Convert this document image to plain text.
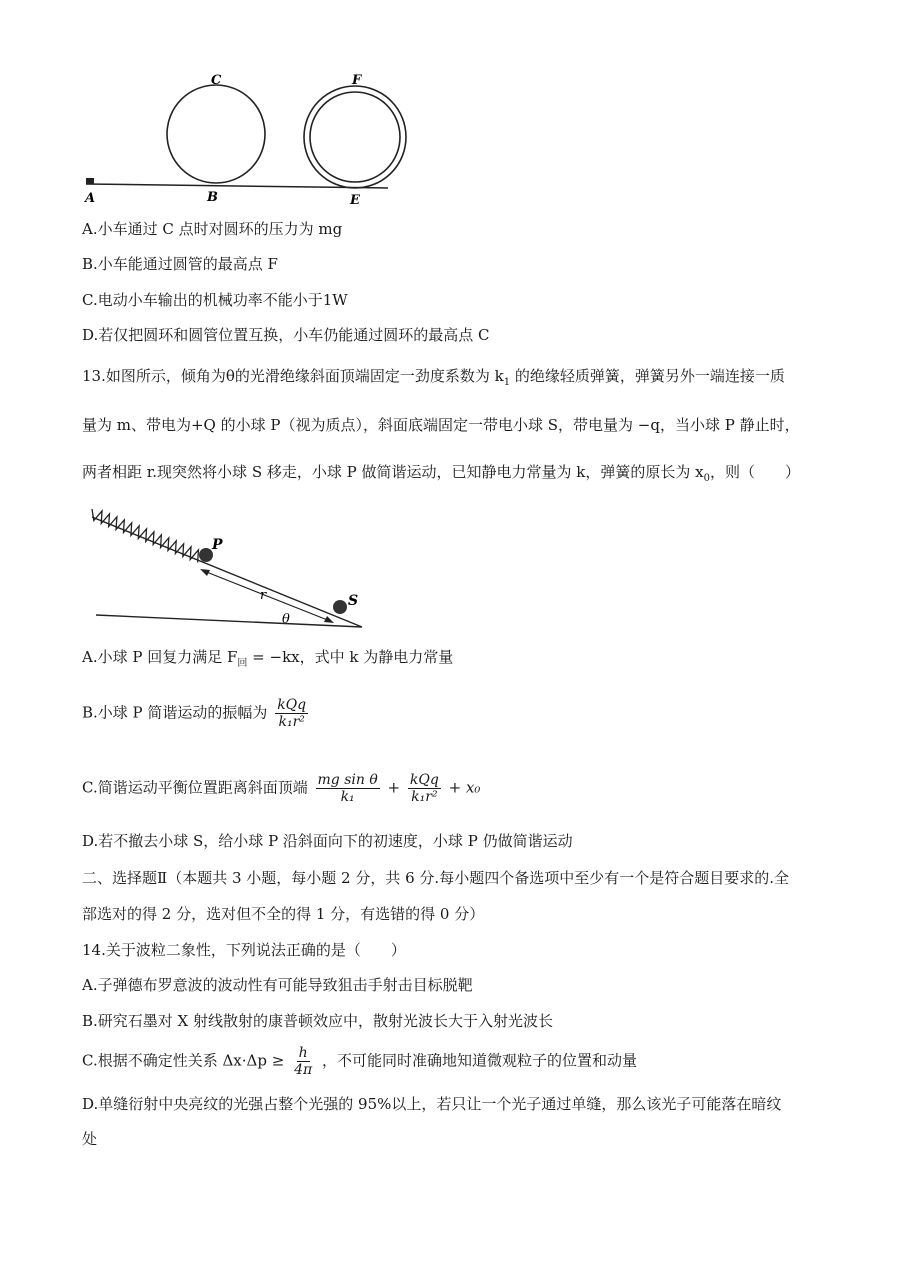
A	B
C
E
F
A.小车通过 C 点时对圆环的压力为 mg
B.小车能通过圆管的最高点 F
C.电动小车输出的机械功率不能小于1W
D.若仅把圆环和圆管位置互换，小车仍能通过圆环的最高点 C
13.如图所示，倾角为θ的光滑绝缘斜面顶端固定一劲度系数为 $k_1$ 的绝缘轻质弹簧，弹簧另外一端连接一质
量为 m、带电为+Q 的小球 P（视为质点），斜面底端固定一带电小球 S，带电量为 −q，当小球 P 静止时，
两者相距 r.现突然将小球 S 移走，小球 P 做简谐运动，已知静电力常量为 k，弹簧的原长为 $x_0$，则（　　）
P
S
r
θ
A.小球 P 回复力满足 $F_回 = -kx$，式中 k 为静电力常量
B.小球 P 简谐运动的振幅为 $\frac{\text{kQq}}{\text{k₁r²}}$
C.简谐运动平衡位置距离斜面顶端 $\frac{\text{mg sin θ}}{\text{k₁}} + \frac{\text{kQq}}{\text{k₁r²}} + x_0$
D.若不撤去小球 S，给小球 P 沿斜面向下的初速度，小球 P 仍做简谐运动
二、选择题Ⅱ（本题共 3 小题，每小题 2 分，共 6 分.每小题四个备选项中至少有一个是符合题目要求的.全
部选对的得 2 分，选对但不全的得 1 分，有选错的得 0 分）
14.关于波粒二象性，下列说法正确的是（　　）
A.子弹德布罗意波的波动性有可能导致狙击手射击目标脱靶
B.研究石墨对 X 射线散射的康普顿效应中，散射光波长大于入射光波长
C.根据不确定性关系 $\Delta x\cdot\Delta p \ge \frac{h}{4\pi}$ ，不可能同时准确地知道微观粒子的位置和动量
D.单缝衍射中央亮纹的光强占整个光强的 95%以上，若只让一个光子通过单缝，那么该光子可能落在暗纹
处
